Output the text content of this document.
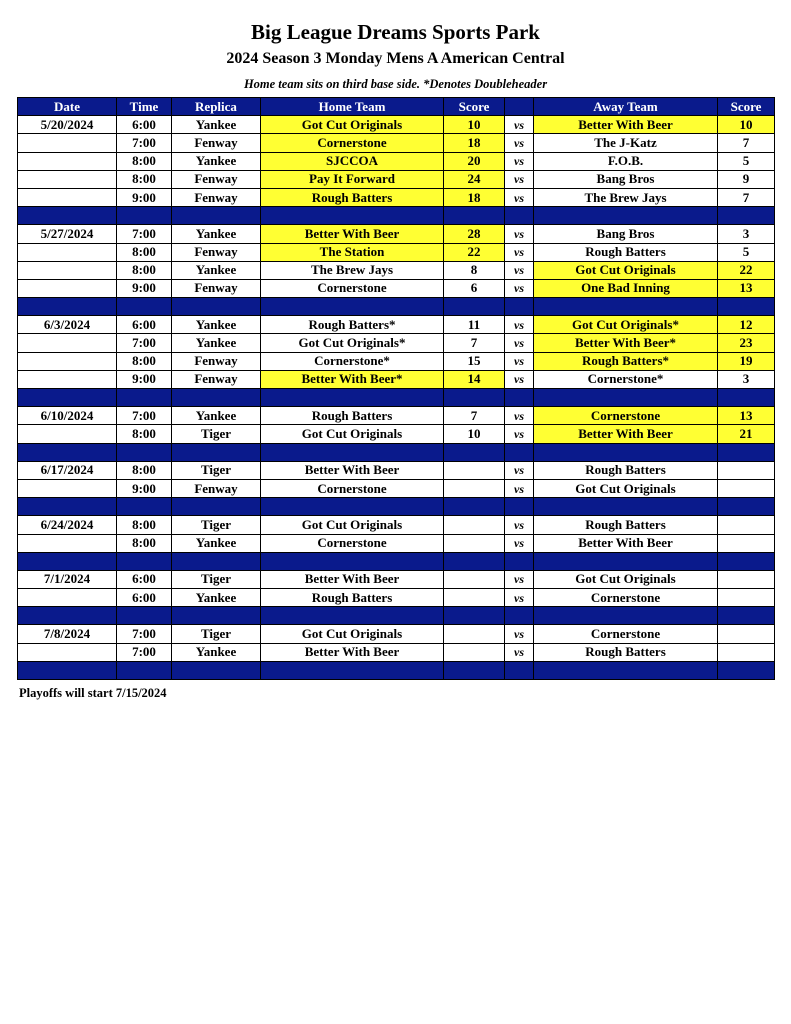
Big League Dreams Sports Park
2024 Season 3 Monday Mens A American Central
Home team sits on third base side. *Denotes Doubleheader
Date	Time	Replica	Home Team	Score		Away Team	Score
5/20/2024	6:00	Yankee	Got Cut Originals	10	vs	Better With Beer	10
	7:00	Fenway	Cornerstone	18	vs	The J-Katz	7
	8:00	Yankee	SJCCOA	20	vs	F.O.B.	5
	8:00	Fenway	Pay It Forward	24	vs	Bang Bros	9
	9:00	Fenway	Rough Batters	18	vs	The Brew Jays	7

5/27/2024	7:00	Yankee	Better With Beer	28	vs	Bang Bros	3
	8:00	Fenway	The Station	22	vs	Rough Batters	5
	8:00	Yankee	The Brew Jays	8	vs	Got Cut Originals	22
	9:00	Fenway	Cornerstone	6	vs	One Bad Inning	13

6/3/2024	6:00	Yankee	Rough Batters*	11	vs	Got Cut Originals*	12
	7:00	Yankee	Got Cut Originals*	7	vs	Better With Beer*	23
	8:00	Fenway	Cornerstone*	15	vs	Rough Batters*	19
	9:00	Fenway	Better With Beer*	14	vs	Cornerstone*	3

6/10/2024	7:00	Yankee	Rough Batters	7	vs	Cornerstone	13
	8:00	Tiger	Got Cut Originals	10	vs	Better With Beer	21

6/17/2024	8:00	Tiger	Better With Beer		vs	Rough Batters	
	9:00	Fenway	Cornerstone		vs	Got Cut Originals	

6/24/2024	8:00	Tiger	Got Cut Originals		vs	Rough Batters	
	8:00	Yankee	Cornerstone		vs	Better With Beer	

7/1/2024	6:00	Tiger	Better With Beer		vs	Got Cut Originals	
	6:00	Yankee	Rough Batters		vs	Cornerstone	

7/8/2024	7:00	Tiger	Got Cut Originals		vs	Cornerstone	
	7:00	Yankee	Better With Beer		vs	Rough Batters	

Playoffs will start 7/15/2024
